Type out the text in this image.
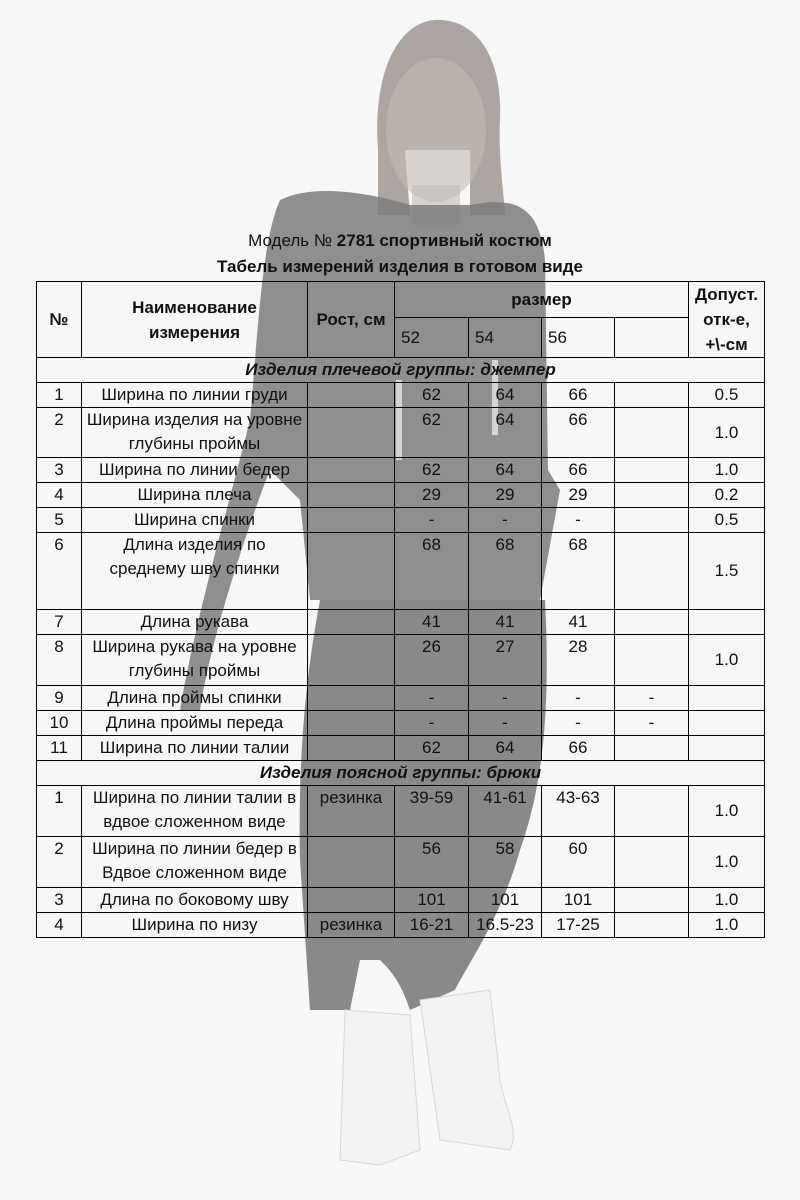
Модель № 2781 спортивный костюм
Табель измерений изделия в готовом виде
№	Наименование измерения	Рост, см	размер				Допуст. отк-е, +\-см
			52	54	56		
Изделия плечевой группы: джемпер							
1	Ширина по линии груди		62	64	66		0.5
2	Ширина изделия на уровне глубины проймы		62	64	66		1.0
3	Ширина по линии бедер		62	64	66		1.0
4	Ширина плеча		29	29	29		0.2
5	Ширина спинки		-	-	-		0.5
6	Длина изделия по среднему шву спинки		68	68	68		1.5
7	Длина рукава		41	41	41		
8	Ширина рукава на уровне глубины проймы		26	27	28		1.0
9	Длина проймы спинки		-	-	-	-	
10	Длина проймы переда		-	-	-	-	
11	Ширина по линии талии		62	64	66		
Изделия поясной группы: брюки							
1	Ширина по линии талии в вдвое сложенном виде	резинка	39-59	41-61	43-63		1.0
2	Ширина по линии бедер в Вдвое сложенном виде		56	58	60		1.0
3	Длина по боковому шву		101	101	101		1.0
4	Ширина по низу	резинка	16-21	16.5-23	17-25		1.0
